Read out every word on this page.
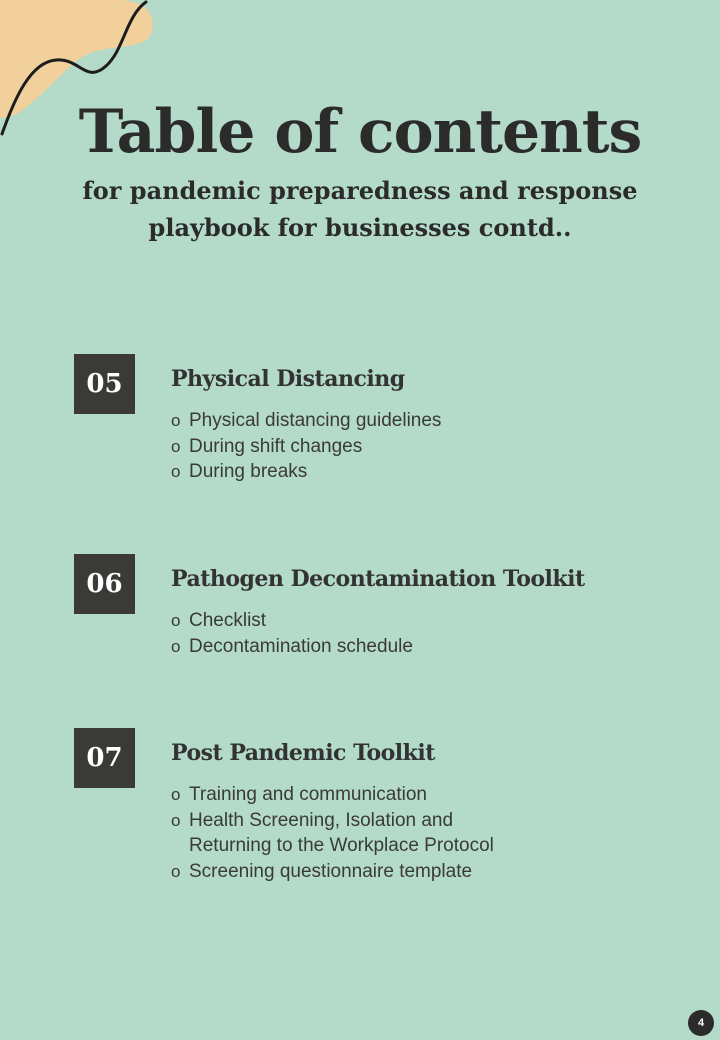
Table of contents
for pandemic preparedness and response
playbook for businesses contd..
05	Physical Distancing
o Physical distancing guidelines
o During shift changes
o During breaks
06	Pathogen Decontamination Toolkit
o Checklist
o Decontamination schedule
07	Post Pandemic Toolkit
o Training and communication
o Health Screening, Isolation and
Returning to the Workplace Protocol
o Screening questionnaire template
4
